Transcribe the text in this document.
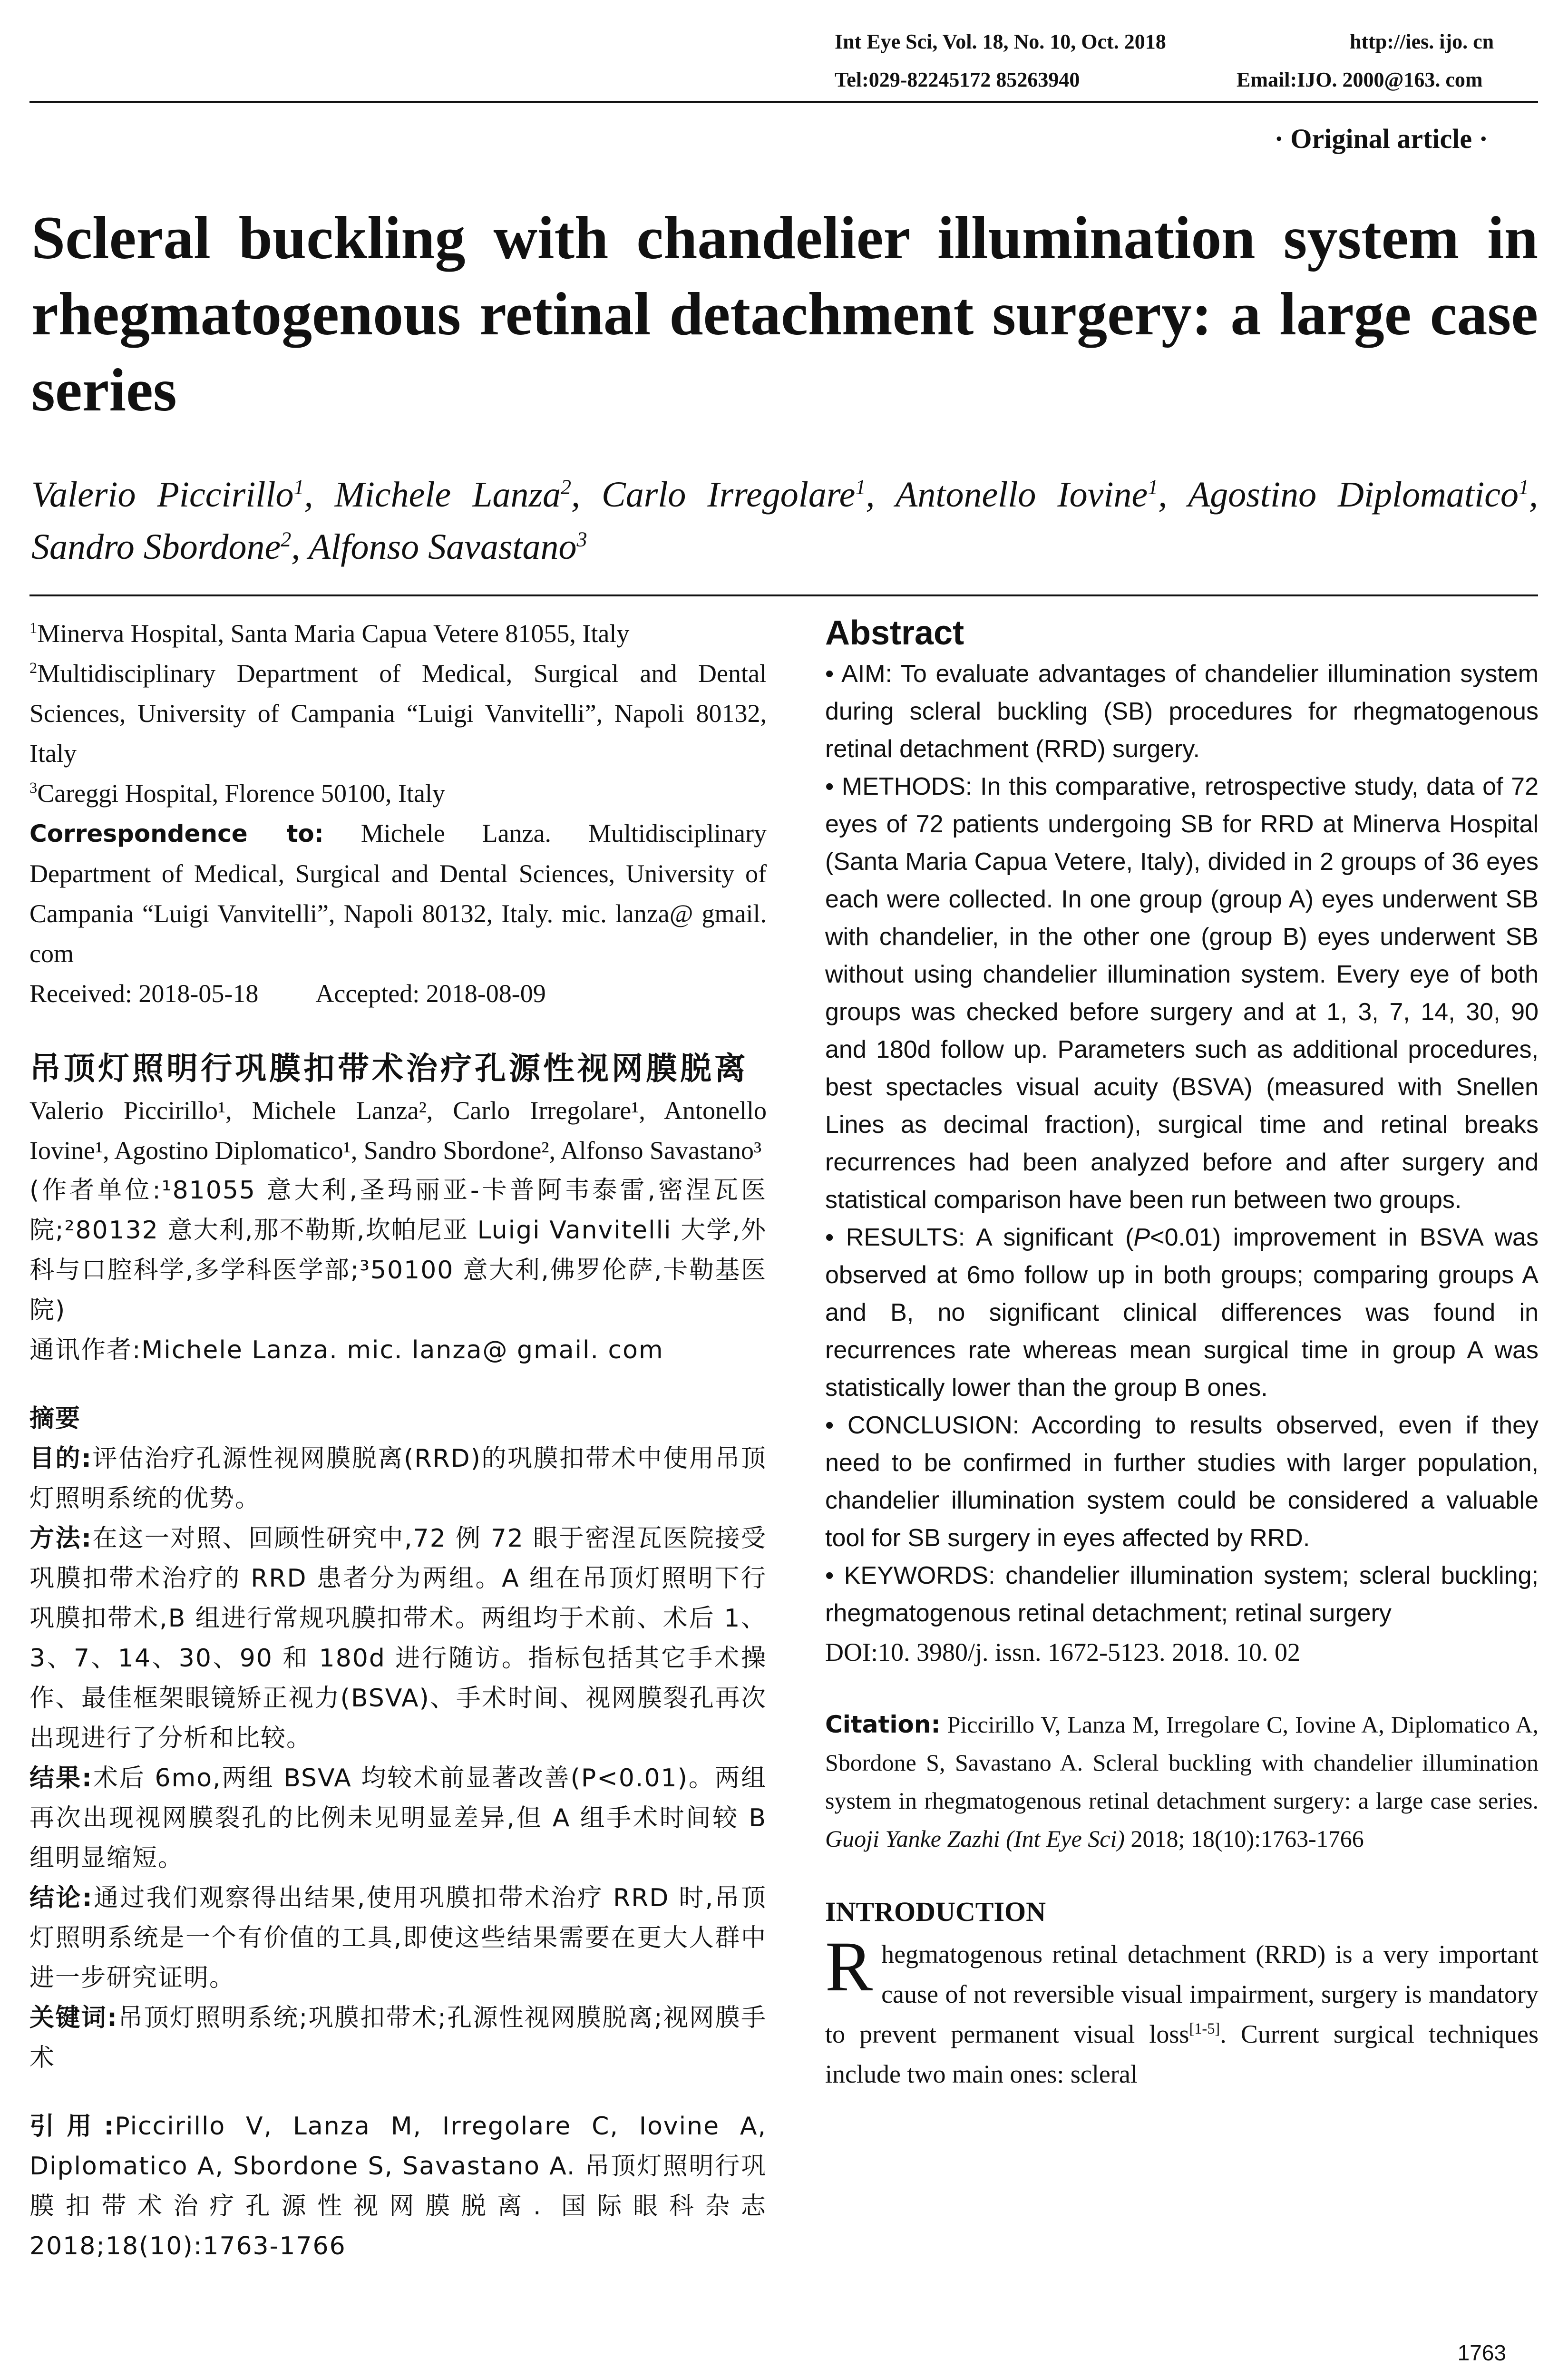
Int Eye Sci, Vol. 18, No. 10, Oct. 2018	http://ies. ijo. cn
Tel:029-82245172 85263940	Email:IJO. 2000@163. com
· Original article ·
Scleral buckling with chandelier illumination system in rhegmatogenous retinal detachment surgery: a large case series
Valerio Piccirillo$^1$, Michele Lanza$^2$, Carlo Irregolare$^1$, Antonello Iovine$^1$, Agostino Diplomatico$^1$, Sandro Sbordone$^2$, Alfonso Savastano$^3$

$^1$Minerva Hospital, Santa Maria Capua Vetere 81055, Italy

$^2$Multidisciplinary Department of Medical, Surgical and Dental Sciences, University of Campania “Luigi Vanvitelli”, Napoli 80132, Italy

$^3$Careggi Hospital, Florence 50100, Italy

Correspondence to: Michele Lanza. Multidisciplinary Department of Medical, Surgical and Dental Sciences, University of Campania “Luigi Vanvitelli”, Napoli 80132, Italy. mic. lanza@ gmail. com

Received: 2018-05-18 Accepted: 2018-08-09

吊顶灯照明行巩膜扣带术治疗孔源性视网膜脱离

Valerio Piccirillo¹, Michele Lanza², Carlo Irregolare¹, Antonello Iovine¹, Agostino Diplomatico¹, Sandro Sbordone², Alfonso Savastano³

(作者单位:¹81055 意大利,圣玛丽亚-卡普阿韦泰雷,密涅瓦医院;²80132 意大利,那不勒斯,坎帕尼亚 Luigi Vanvitelli 大学,外科与口腔科学,多学科医学部;³50100 意大利,佛罗伦萨,卡勒基医院)

通讯作者:Michele Lanza. mic. lanza@ gmail. com

摘要

目的:评估治疗孔源性视网膜脱离(RRD)的巩膜扣带术中使用吊顶灯照明系统的优势。

方法:在这一对照、回顾性研究中,72 例 72 眼于密涅瓦医院接受巩膜扣带术治疗的 RRD 患者分为两组。A 组在吊顶灯照明下行巩膜扣带术,B 组进行常规巩膜扣带术。两组均于术前、术后 1、3、7、14、30、90 和 180d 进行随访。指标包括其它手术操作、最佳框架眼镜矫正视力(BSVA)、手术时间、视网膜裂孔再次出现进行了分析和比较。

结果:术后 6mo,两组 BSVA 均较术前显著改善(P<0.01)。两组再次出现视网膜裂孔的比例未见明显差异,但 A 组手术时间较 B 组明显缩短。

结论:通过我们观察得出结果,使用巩膜扣带术治疗 RRD 时,吊顶灯照明系统是一个有价值的工具,即使这些结果需要在更大人群中进一步研究证明。

关键词:吊顶灯照明系统;巩膜扣带术;孔源性视网膜脱离;视网膜手术

引用:Piccirillo V, Lanza M, Irregolare C, Iovine A, Diplomatico A, Sbordone S, Savastano A. 吊顶灯照明行巩膜扣带术治疗孔源性视网膜脱离. 国际眼科杂志 2018;18(10):1763-1766

Abstract

• AIM: To evaluate advantages of chandelier illumination system during scleral buckling (SB) procedures for rhegmatogenous retinal detachment (RRD) surgery.

• METHODS: In this comparative, retrospective study, data of 72 eyes of 72 patients undergoing SB for RRD at Minerva Hospital (Santa Maria Capua Vetere, Italy), divided in 2 groups of 36 eyes each were collected. In one group (group A) eyes underwent SB with chandelier, in the other one (group B) eyes underwent SB without using chandelier illumination system. Every eye of both groups was checked before surgery and at 1, 3, 7, 14, 30, 90 and 180d follow up. Parameters such as additional procedures, best spectacles visual acuity (BSVA) (measured with Snellen Lines as decimal fraction), surgical time and retinal breaks recurrences had been analyzed before and after surgery and statistical comparison have been run between two groups.

• RESULTS: A significant (P<0.01) improvement in BSVA was observed at 6mo follow up in both groups; comparing groups A and B, no significant clinical differences was found in recurrences rate whereas mean surgical time in group A was statistically lower than the group B ones.

• CONCLUSION: According to results observed, even if they need to be confirmed in further studies with larger population, chandelier illumination system could be considered a valuable tool for SB surgery in eyes affected by RRD.

• KEYWORDS: chandelier illumination system; scleral buckling; rhegmatogenous retinal detachment; retinal surgery

DOI:10. 3980/j. issn. 1672-5123. 2018. 10. 02

Citation: Piccirillo V, Lanza M, Irregolare C, Iovine A, Diplomatico A, Sbordone S, Savastano A. Scleral buckling with chandelier illumination system in rhegmatogenous retinal detachment surgery: a large case series. Guoji Yanke Zazhi (Int Eye Sci) 2018; 18(10):1763-1766

INTRODUCTION

Rhegmatogenous retinal detachment (RRD) is a very important cause of not reversible visual impairment, surgery is mandatory to prevent permanent visual loss[1-5]. Current surgical techniques include two main ones: scleral

1763
